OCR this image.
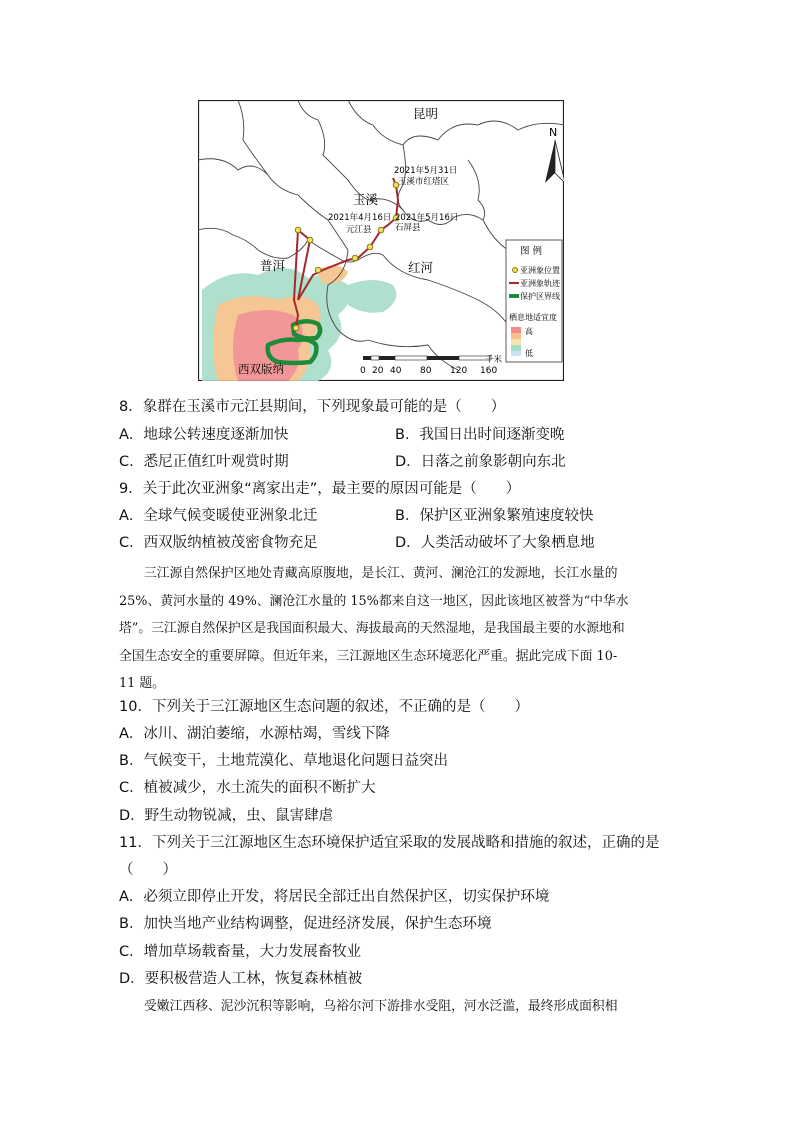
昆明
玉溪
普洱	红河
西双版纳
2021年5月31日
玉溪市红塔区
2021年4月16日
元江县
2021年5月16日
石屏县
N
图 例
亚洲象位置
亚洲象轨迹
保护区界线
栖息地适宜度
高
低
0 20 40 80 120 160
千米
8．象群在玉溪市元江县期间，下列现象最可能的是（　　）
A．地球公转速度逐渐加快	B．我国日出时间逐渐变晚
C．悉尼正值红叶观赏时期	D．日落之前象影朝向东北
9．关于此次亚洲象“离家出走”，最主要的原因可能是（　　）
A．全球气候变暖使亚洲象北迁	B．保护区亚洲象繁殖速度较快
C．西双版纳植被茂密食物充足	D．人类活动破坏了大象栖息地
三江源自然保护区地处青藏高原腹地，是长江、黄河、澜沧江的发源地，长江水量的
25%、黄河水量的 49%、澜沧江水量的 15%都来自这一地区，因此该地区被誉为“中华水
塔”。三江源自然保护区是我国面积最大、海拔最高的天然湿地，是我国最主要的水源地和
全国生态安全的重要屏障。但近年来，三江源地区生态环境恶化严重。据此完成下面 10-
11 题。
10．下列关于三江源地区生态问题的叙述，不正确的是（　　）
A．冰川、湖泊萎缩，水源枯竭，雪线下降
B．气候变干，土地荒漠化、草地退化问题日益突出
C．植被减少，水土流失的面积不断扩大
D．野生动物锐减，虫、鼠害肆虐
11．下列关于三江源地区生态环境保护适宜采取的发展战略和措施的叙述，正确的是
（　　）
A．必须立即停止开发，将居民全部迁出自然保护区，切实保护环境
B．加快当地产业结构调整，促进经济发展，保护生态环境
C．增加草场载畜量，大力发展畜牧业
D．要积极营造人工林，恢复森林植被
受嫩江西移、泥沙沉积等影响，乌裕尔河下游排水受阻，河水泛滥，最终形成面积相
